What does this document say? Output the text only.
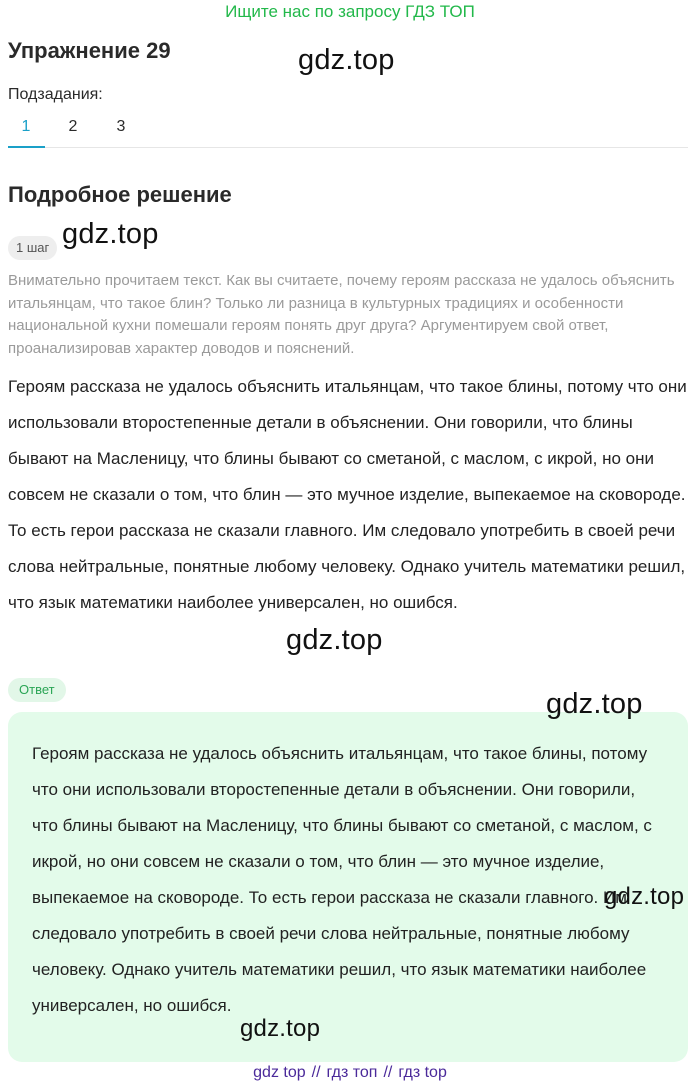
Ищите нас по запросу ГДЗ ТОП
Упражнение 29
Подзадания:
1	2	3
Подробное решение
1 шаг

Внимательно прочитаем текст. Как вы считаете, почему героям рассказа не удалось объяснить итальянцам, что такое блин? Только ли разница в культурных традициях и особенности национальной кухни помешали героям понять друг друга? Аргументируем свой ответ, проанализировав характер доводов и пояснений.

Героям рассказа не удалось объяснить итальянцам, что такое блины, потому что они использовали второстепенные детали в объяснении. Они говорили, что блины бывают на Масленицу, что блины бывают со сметаной, с маслом, с икрой, но они совсем не сказали о том, что блин — это мучное изделие, выпекаемое на сковороде. То есть герои рассказа не сказали главного. Им следовало употребить в своей речи слова нейтральные, понятные любому человеку. Однако учитель математики решил, что язык математики наиболее универсален, но ошибся.

Ответ

Героям рассказа не удалось объяснить итальянцам, что такое блины, потому что они использовали второстепенные детали в объяснении. Они говорили, что блины бывают на Масленицу, что блины бывают со сметаной, с маслом, с икрой, но они совсем не сказали о том, что блин — это мучное изделие, выпекаемое на сковороде. То есть герои рассказа не сказали главного. Им следовало употребить в своей речи слова нейтральные, понятные любому человеку. Однако учитель математики решил, что язык математики наиболее универсален, но ошибся.

gdz.top
gdz.top
gdz.top
gdz.top
gdz.top
gdz.top
gdz top // гдз топ // гдз top
